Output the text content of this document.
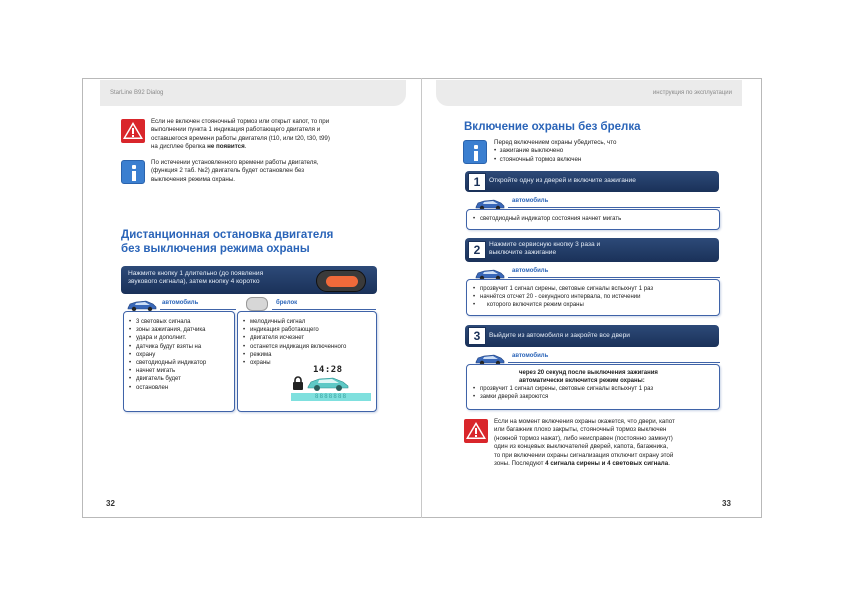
StarLine B92 Dialog	инструкция по эксплуатации
Если не включен стояночный тормоз или открыт капот, то при
выполнении пункта 1 индикация работающего двигателя и
оставшегося времени работы двигателя (t10, или t20, t30, t99)
на дисплее брелка не появится.
По истечении установленного времени работы двигателя,
(функция 2 таб. №2) двигатель будет остановлен без
выключения режима охраны.
Дистанционная остановка двигателя
без выключения режима охраны
Нажмите кнопку 1 длительно (до появления
звукового сигнала), затем кнопку 4 коротко
автомобиль
• 3 световых сигнала
• зоны зажигания, датчика
• удара и дополнит.
• датчика будут взяты на
• охрану
• светодиодный индикатор
• начнет мигать
• двигатель будет
• остановлен
брелок
• мелодичный сигнал
• индикация работающего
• двигателя исчезнет
• останется индикация включенного
• режима
• охраны
14:28
8888888
32
Включение охраны без брелка
Перед включением охраны убедитесь, что
•  зажигание выключено
•  стояночный тормоз включен
Откройте одну из дверей и включите зажигание
1
автомобиль
• светодиодный индикатор состояния начнет мигать
Нажмите сервисную кнопку 3 раза и
выключите зажигание
2
автомобиль
• прозвучит 1 сигнал сирены, световые сигналы вспыхнут 1 раз
• начнётся отсчет 20 - секундного интервала, по истечении
• которого включится режим охраны
Выйдите из автомобиля и закройте все двери
3
автомобиль
через 20 секунд после выключения зажигания
автоматически включится режим охраны:
• прозвучит 1 сигнал сирены, световые сигналы вспыхнут 1 раз
• замки дверей закроются
Если на момент включения охраны окажется, что двери, капот
или багажник плохо закрыты, стояночный тормоз выключен
(ножной тормоз нажат), либо неисправен (постоянно замкнут)
один из концевых выключателей дверей, капота, багажника,
то при включении охраны сигнализация отключит охрану этой
зоны. Последуют 4 сигнала сирены и 4 световых сигнала.
33
